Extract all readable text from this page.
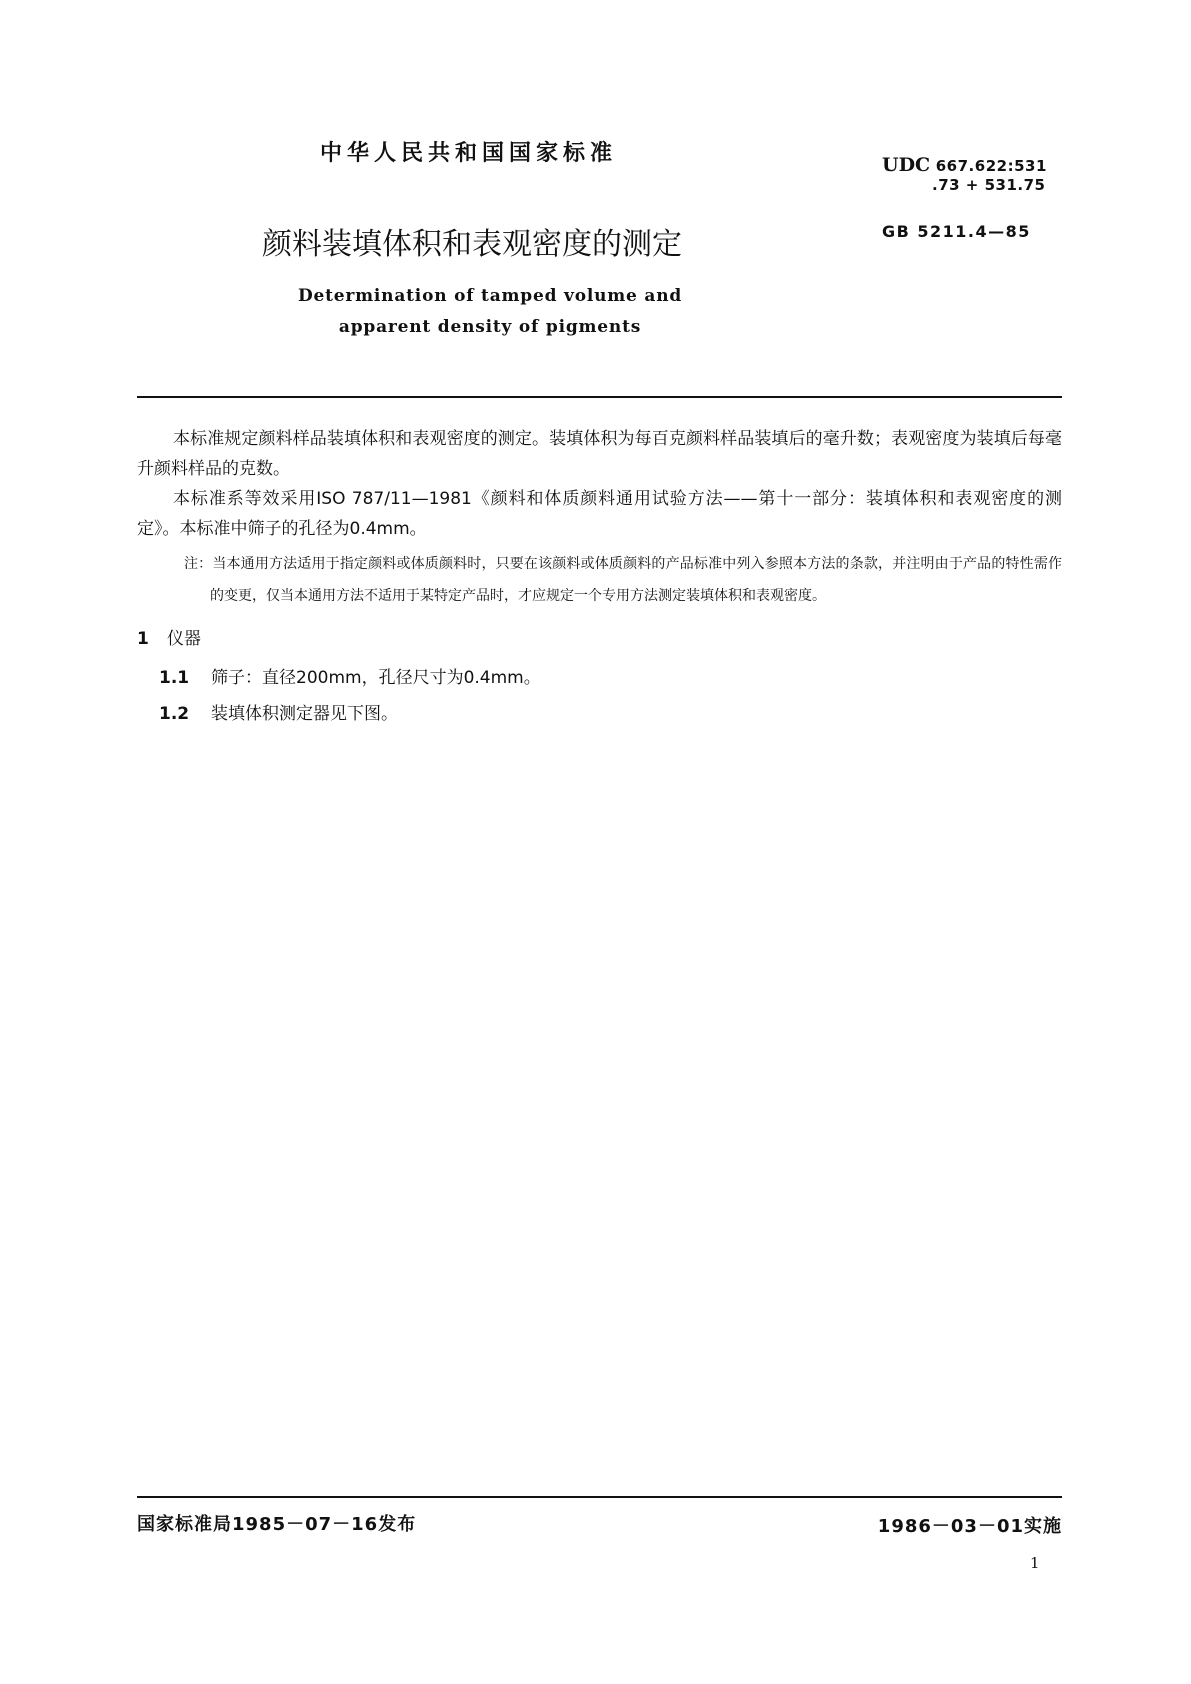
中华人民共和国国家标准	UDC 667.622:531
.73 + 531.75
颜料装填体积和表观密度的测定	GB 5211.4—85
Determination of tamped volume and
apparent density of pigments

本标准规定颜料样品装填体积和表观密度的测定。装填体积为每百克颜料样品装填后的毫升数；表观密度为装填后每毫升颜料样品的克数。

本标准系等效采用ISO 787/11—1981《颜料和体质颜料通用试验方法——第十一部分：装填体积和表观密度的测定》。本标准中筛子的孔径为0.4mm。

注：当本通用方法适用于指定颜料或体质颜料时，只要在该颜料或体质颜料的产品标准中列入参照本方法的条款，并注明由于产品的特性需作的变更，仅当本通用方法不适用于某特定产品时，才应规定一个专用方法测定装填体积和表观密度。

1 仪器
1.1 筛子：直径200mm，孔径尺寸为0.4mm。
1.2 装填体积测定器见下图。
国家标准局1985－07－16发布	1986－03－01实施
1
